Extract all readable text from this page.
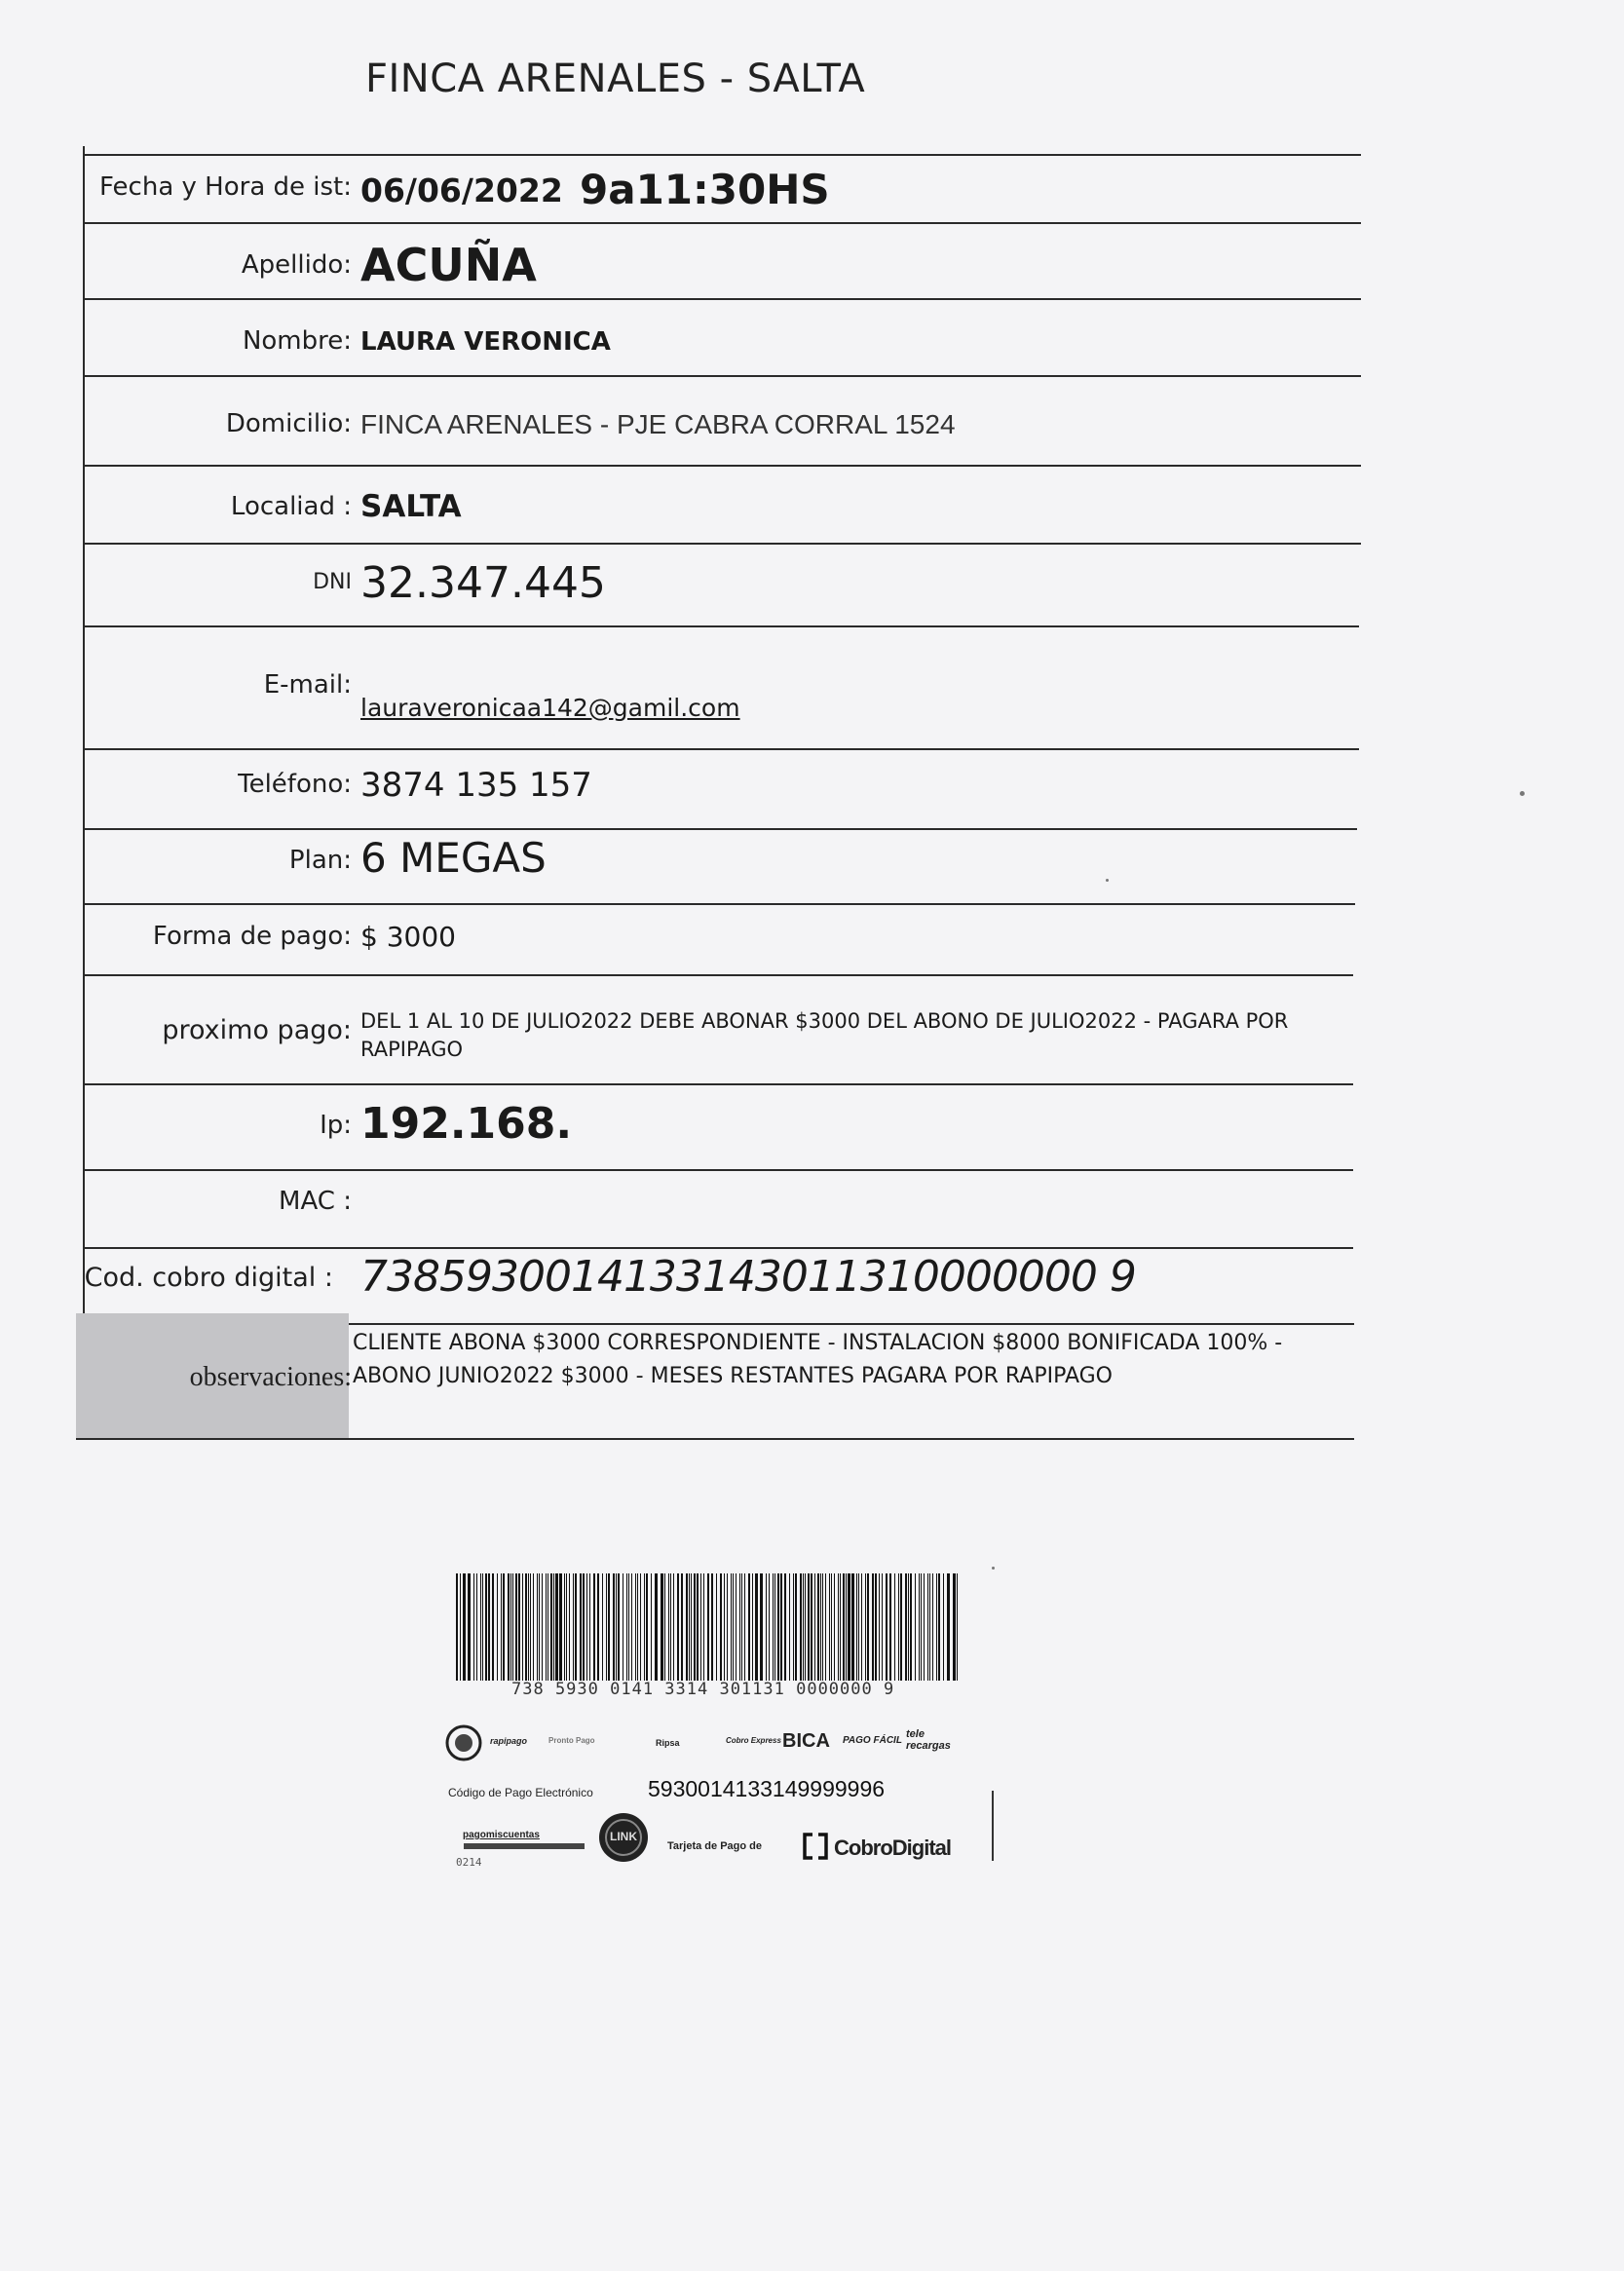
FINCA ARENALES - SALTA
Fecha y Hora de ist: 06/06/2022 9a11:30HS
Apellido: ACUÑA
Nombre: LAURA VERONICA
Domicilio: FINCA ARENALES - PJE CABRA CORRAL 1524
Localiad : SALTA
DNI 32.347.445
E-mail:
lauraveronicaa142@gamil.com
Teléfono: 3874 135 157
Plan: 6 MEGAS
Forma de pago: $ 3000
proximo pago: DEL 1 AL 10 DE JULIO2022 DEBE ABONAR $3000 DEL ABONO DE JULIO2022 - PAGARA POR RAPIPAGO
Ip: 192.168.
MAC :
Cod. cobro digital : 7385930014133143011310000000 9
observaciones:
CLIENTE ABONA $3000 CORRESPONDIENTE - INSTALACION $8000 BONIFICADA 100% - ABONO JUNIO2022 $3000 - MESES RESTANTES PAGARA POR RAPIPAGO
738 5930 0141 3314 301131 0000000 9
rapipago	Pronto Pago	Ripsa	Cobro Express BICA PAGO FÁCIL
tele recargas
Código de Pago Electrónico 5930014133149999996
pagomiscuentas	LINK
Tarjeta de Pago de	CobroDigital
0214
